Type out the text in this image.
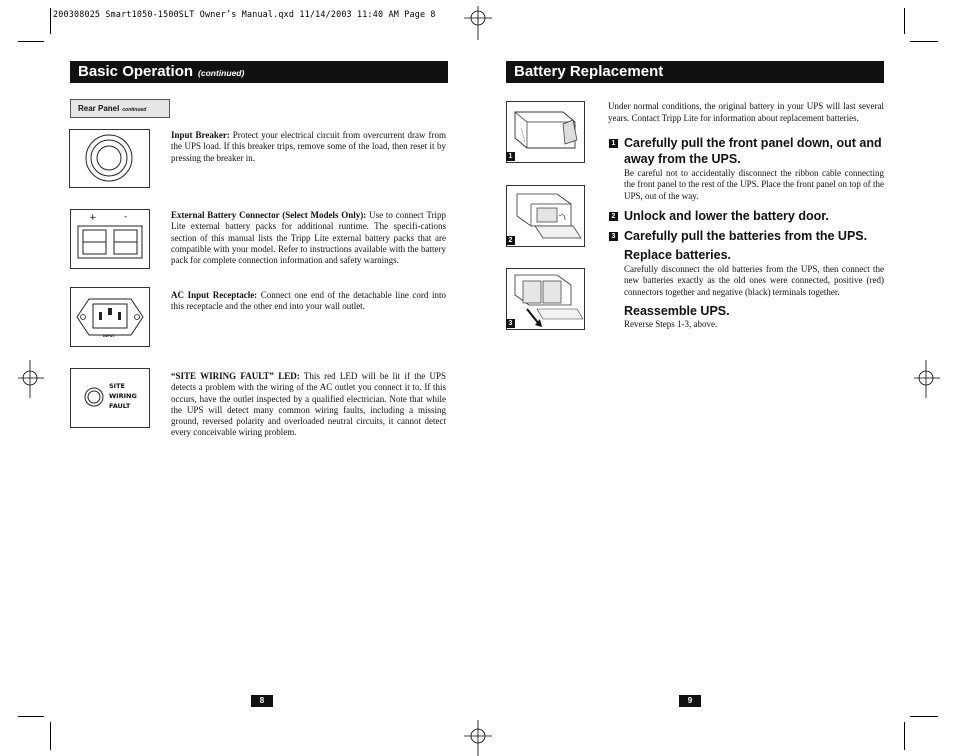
200308025 Smart1050-1500SLT Owner’s Manual.qxd 11/14/2003 11:40 AM Page 8
Basic Operation (continued)
Rear Panel continued
Input Breaker: Protect your electrical circuit from overcurrent draw from the UPS load. If this breaker trips, remove some of the load, then reset it by pressing the breaker in.
+	-	External Battery Connector (Select Models Only): Use to connect Tripp Lite external battery packs for additional runtime. The specifi-cations section of this manual lists the Tripp Lite external battery packs that are compatible with your model. Refer to instructions available with the battery pack for complete connection information and safety warnings.
INPUT
AC Input Receptacle: Connect one end of the detachable line cord into this receptacle and the other end into your wall outlet.
SITE
WIRING
FAULT
“SITE WIRING FAULT” LED: This red LED will be lit if the UPS detects a problem with the wiring of the AC outlet you connect it to. If this occurs, have the outlet inspected by a qualified electrician. Note that while the UPS will detect many common wiring faults, including a missing ground, reversed polarity and overloaded neutral circuits, it cannot detect every conceivable wiring problem.
8
Battery Replacement
1
2
3
Under normal conditions, the original battery in your UPS will last several years. Contact Tripp Lite for information about replacement batteries.
1 Carefully pull the front panel down, out and away from the UPS.
Be careful not to accidentally disconnect the ribbon cable connecting the front panel to the rest of the UPS. Place the front panel on top of the UPS, out of the way.
2 Unlock and lower the battery door.
3 Carefully pull the batteries from the UPS.
Replace batteries.
Carefully disconnect the old batteries from the UPS, then connect the new batteries exactly as the old ones were connected, positive (red) connectors together and negative (black) terminals together.
Reassemble UPS.
Reverse Steps 1-3, above.
9
